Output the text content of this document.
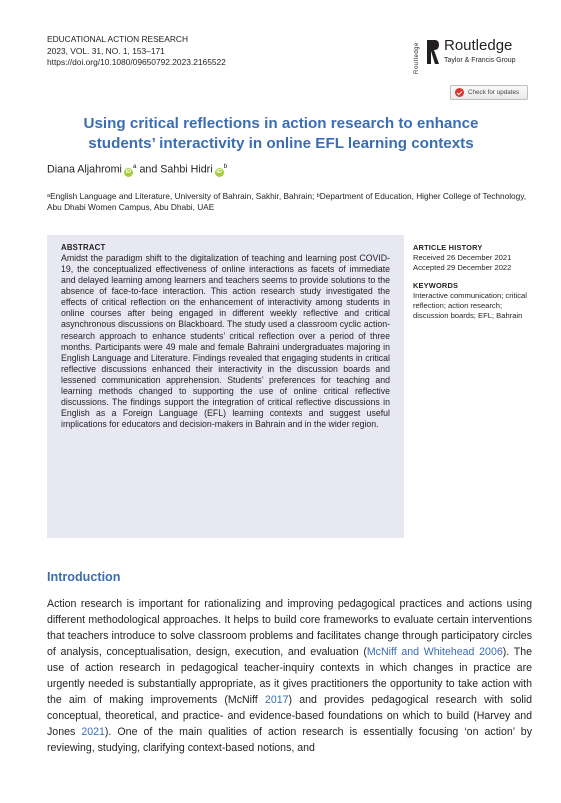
EDUCATIONAL ACTION RESEARCH
2023, VOL. 31, NO. 1, 153–171
https://doi.org/10.1080/09650792.2023.2165522	Routledge Routledge
Taylor & Francis Group
Check for updates
Using critical reflections in action research to enhance students’ interactivity in online EFL learning contexts
Diana Aljahromi $iD^a$ and Sahbi Hidri $iD^b$
ᵃEnglish Language and Literature, University of Bahrain, Sakhir, Bahrain; ᵇDepartment of Education, Higher College of Technology, Abu Dhabi Women Campus, Abu Dhabi, UAE
ABSTRACT
Amidst the paradigm shift to the digitalization of teaching and learning post COVID-19, the conceptualized effectiveness of online interactions as facets of immediate and delayed learning among learners and teachers seems to provide solutions to the absence of face-to-face interaction. This action research study investigated the effects of critical reflection on the enhancement of interactivity among students in online courses after being engaged in different weekly reflective and critical asynchronous discussions on Blackboard. The study used a classroom cyclic action-research approach to enhance students’ critical reflection over a period of three months. Participants were 49 male and female Bahraini undergraduates majoring in English Language and Literature. Findings revealed that engaging students in critical reflective discussions enhanced their interactivity in the discussion boards and lessened communication apprehension. Students’ preferences for teaching and learning methods changed to supporting the use of online critical reflective discussions. The findings support the integration of critical reflective discussions in English as a Foreign Language (EFL) learning contexts and suggest useful implications for educators and decision-makers in Bahrain and in the wider region.
ARTICLE HISTORY
Received 26 December 2021
Accepted 29 December 2022
KEYWORDS
Interactive communication; critical reflection; action research; discussion boards; EFL; Bahrain
Introduction
Action research is important for rationalizing and improving pedagogical practices and actions using different methodological approaches. It helps to build core frameworks to evaluate certain interventions that teachers introduce to solve classroom problems and facilitates change through participatory circles of analysis, conceptualisation, design, execution, and evaluation (McNiff and Whitehead 2006). The use of action research in pedagogical teacher-inquiry contexts in which changes in practice are urgently needed is substantially appropriate, as it gives practitioners the opportunity to take action with the aim of making improvements (McNiff 2017) and provides pedagogical research with solid conceptual, theoretical, and practice- and evidence-based foundations on which to build (Harvey and Jones 2021). One of the main qualities of action research is essentially focusing ‘on action’ by reviewing, studying, clarifying context-based notions, and
